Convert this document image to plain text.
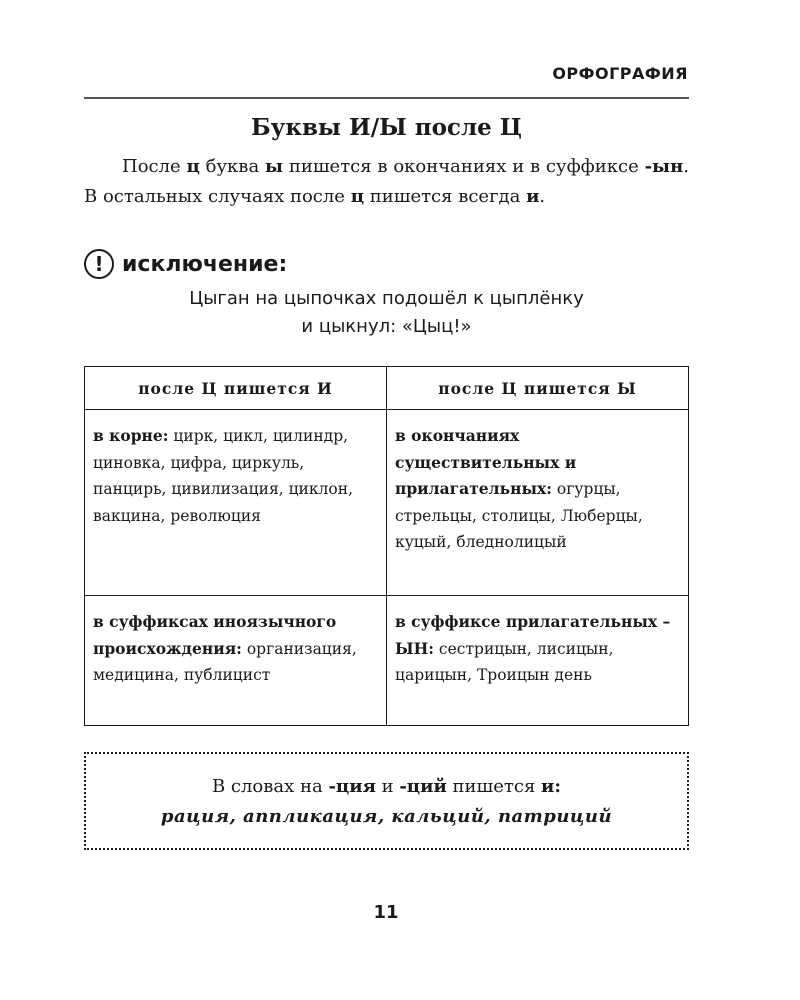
ОРФОГРАФИЯ
Буквы И/Ы после Ц
После ц буква ы пишется в окончаниях и в суффиксе -ын. В остальных случаях после ц пишется всегда и.
! исключение:
Цыган на цыпочках подошёл к цыплёнку
и цыкнул: «Цыц!»
после Ц пишется И	после Ц пишется Ы
в корне: цирк, цикл, цилиндр, циновка, цифра, циркуль, панцирь, цивилизация, циклон, вакцина, революция	в окончаниях существительных и прилагательных: огурцы, стрельцы, столицы, Люберцы, куцый, бледнолицый
в суффиксах иноязычного происхождения: организация, медицина, публицист	в суффиксе прилагательных –ЫН: сестрицын, лисицын, царицын, Троицын день
В словах на -ция и -ций пишется и:
рация, аппликация, кальций, патриций
11
